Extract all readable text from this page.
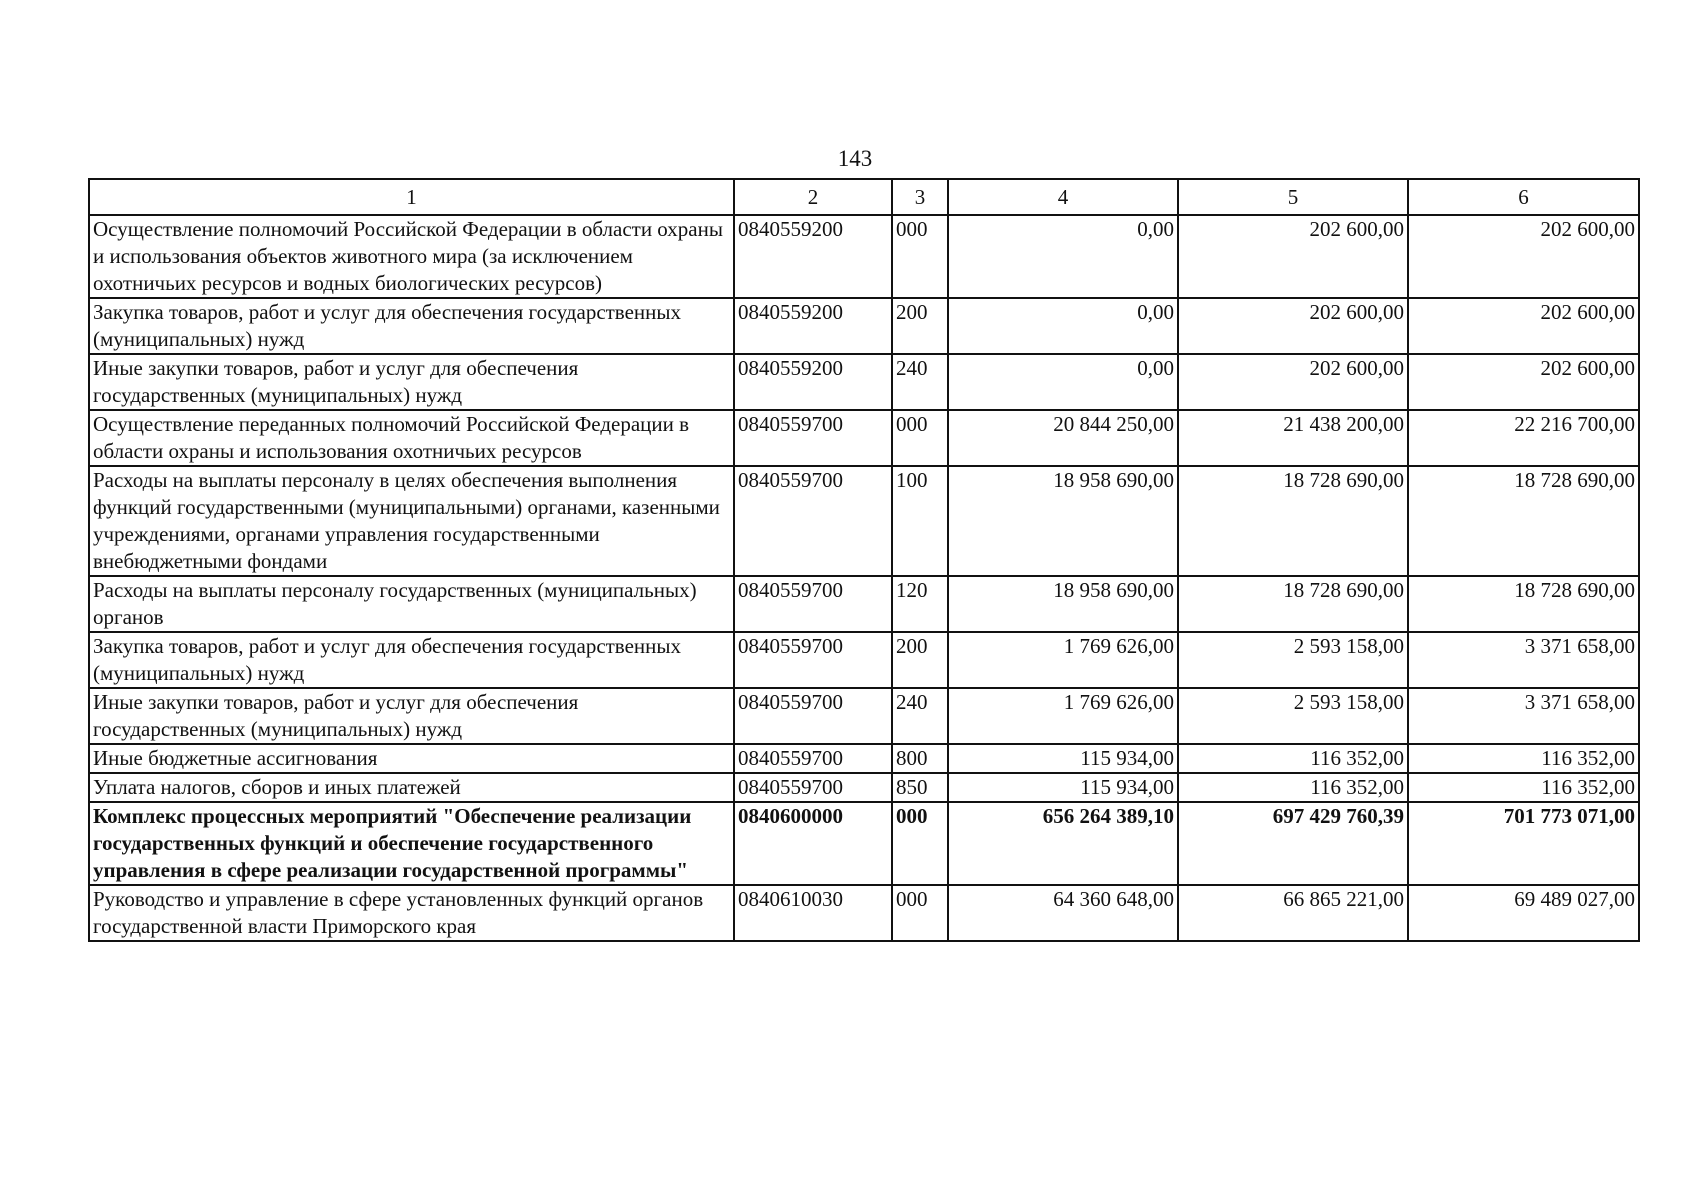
143
1	2	3	4	5	6
Осуществление полномочий Российской Федерации в области охраны и использования объектов животного мира (за исключением охотничьих ресурсов и водных биологических ресурсов)	0840559200	000	0,00	202 600,00	202 600,00
Закупка товаров, работ и услуг для обеспечения государственных (муниципальных) нужд	0840559200	200	0,00	202 600,00	202 600,00
Иные закупки товаров, работ и услуг для обеспечения государственных (муниципальных) нужд	0840559200	240	0,00	202 600,00	202 600,00
Осуществление переданных полномочий Российской Федерации в области охраны и использования охотничьих ресурсов	0840559700	000	20 844 250,00	21 438 200,00	22 216 700,00
Расходы на выплаты персоналу в целях обеспечения выполнения функций государственными (муниципальными) органами, казенными учреждениями, органами управления государственными внебюджетными фондами	0840559700	100	18 958 690,00	18 728 690,00	18 728 690,00
Расходы на выплаты персоналу государственных (муниципальных) органов	0840559700	120	18 958 690,00	18 728 690,00	18 728 690,00
Закупка товаров, работ и услуг для обеспечения государственных (муниципальных) нужд	0840559700	200	1 769 626,00	2 593 158,00	3 371 658,00
Иные закупки товаров, работ и услуг для обеспечения государственных (муниципальных) нужд	0840559700	240	1 769 626,00	2 593 158,00	3 371 658,00
Иные бюджетные ассигнования	0840559700	800	115 934,00	116 352,00	116 352,00
Уплата налогов, сборов и иных платежей	0840559700	850	115 934,00	116 352,00	116 352,00
Комплекс процессных мероприятий "Обеспечение реализации государственных функций и обеспечение государственного управления в сфере реализации государственной программы"	0840600000	000	656 264 389,10	697 429 760,39	701 773 071,00
Руководство и управление в сфере установленных функций органов государственной власти Приморского края	0840610030	000	64 360 648,00	66 865 221,00	69 489 027,00
